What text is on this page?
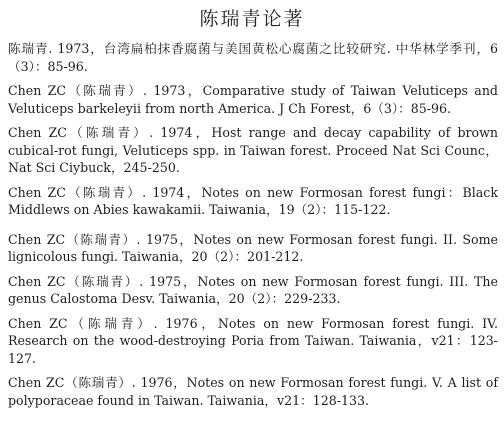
陈瑞青论著

陈瑞青. 1973，台湾扁柏抹香腐菌与美国黄松心腐菌之比较研究. 中华林学季刊，6（3）：85-96.

Chen ZC（陈瑞青）. 1973，Comparative study of Taiwan Veluticeps and Veluticeps barkeleyii from north America. J Ch Forest，6（3）：85-96.

Chen ZC（陈瑞青）. 1974，Host range and decay capability of brown cubical-rot fungi, Veluticeps spp. in Taiwan forest. Proceed Nat Sci Counc，Nat Sci Ciybuck，245-250.

Chen ZC（陈瑞青）. 1974，Notes on new Formosan forest fungi：Black Middlews on Abies kawakamii. Taiwania，19（2）：115-122.

Chen ZC（陈瑞青）. 1975，Notes on new Formosan forest fungi. II. Some lignicolous fungi. Taiwania，20（2）：201-212.

Chen ZC（陈瑞青）. 1975，Notes on new Formosan forest fungi. III. The genus Calostoma Desv. Taiwania，20（2）：229-233.

Chen ZC（陈瑞青）. 1976，Notes on new Formosan forest fungi. IV. Research on the wood-destroying Poria from Taiwan. Taiwania，v21：123-127.

Chen ZC（陈瑞青）. 1976，Notes on new Formosan forest fungi. V. A list of polyporaceae found in Taiwan. Taiwania，v21：128-133.
